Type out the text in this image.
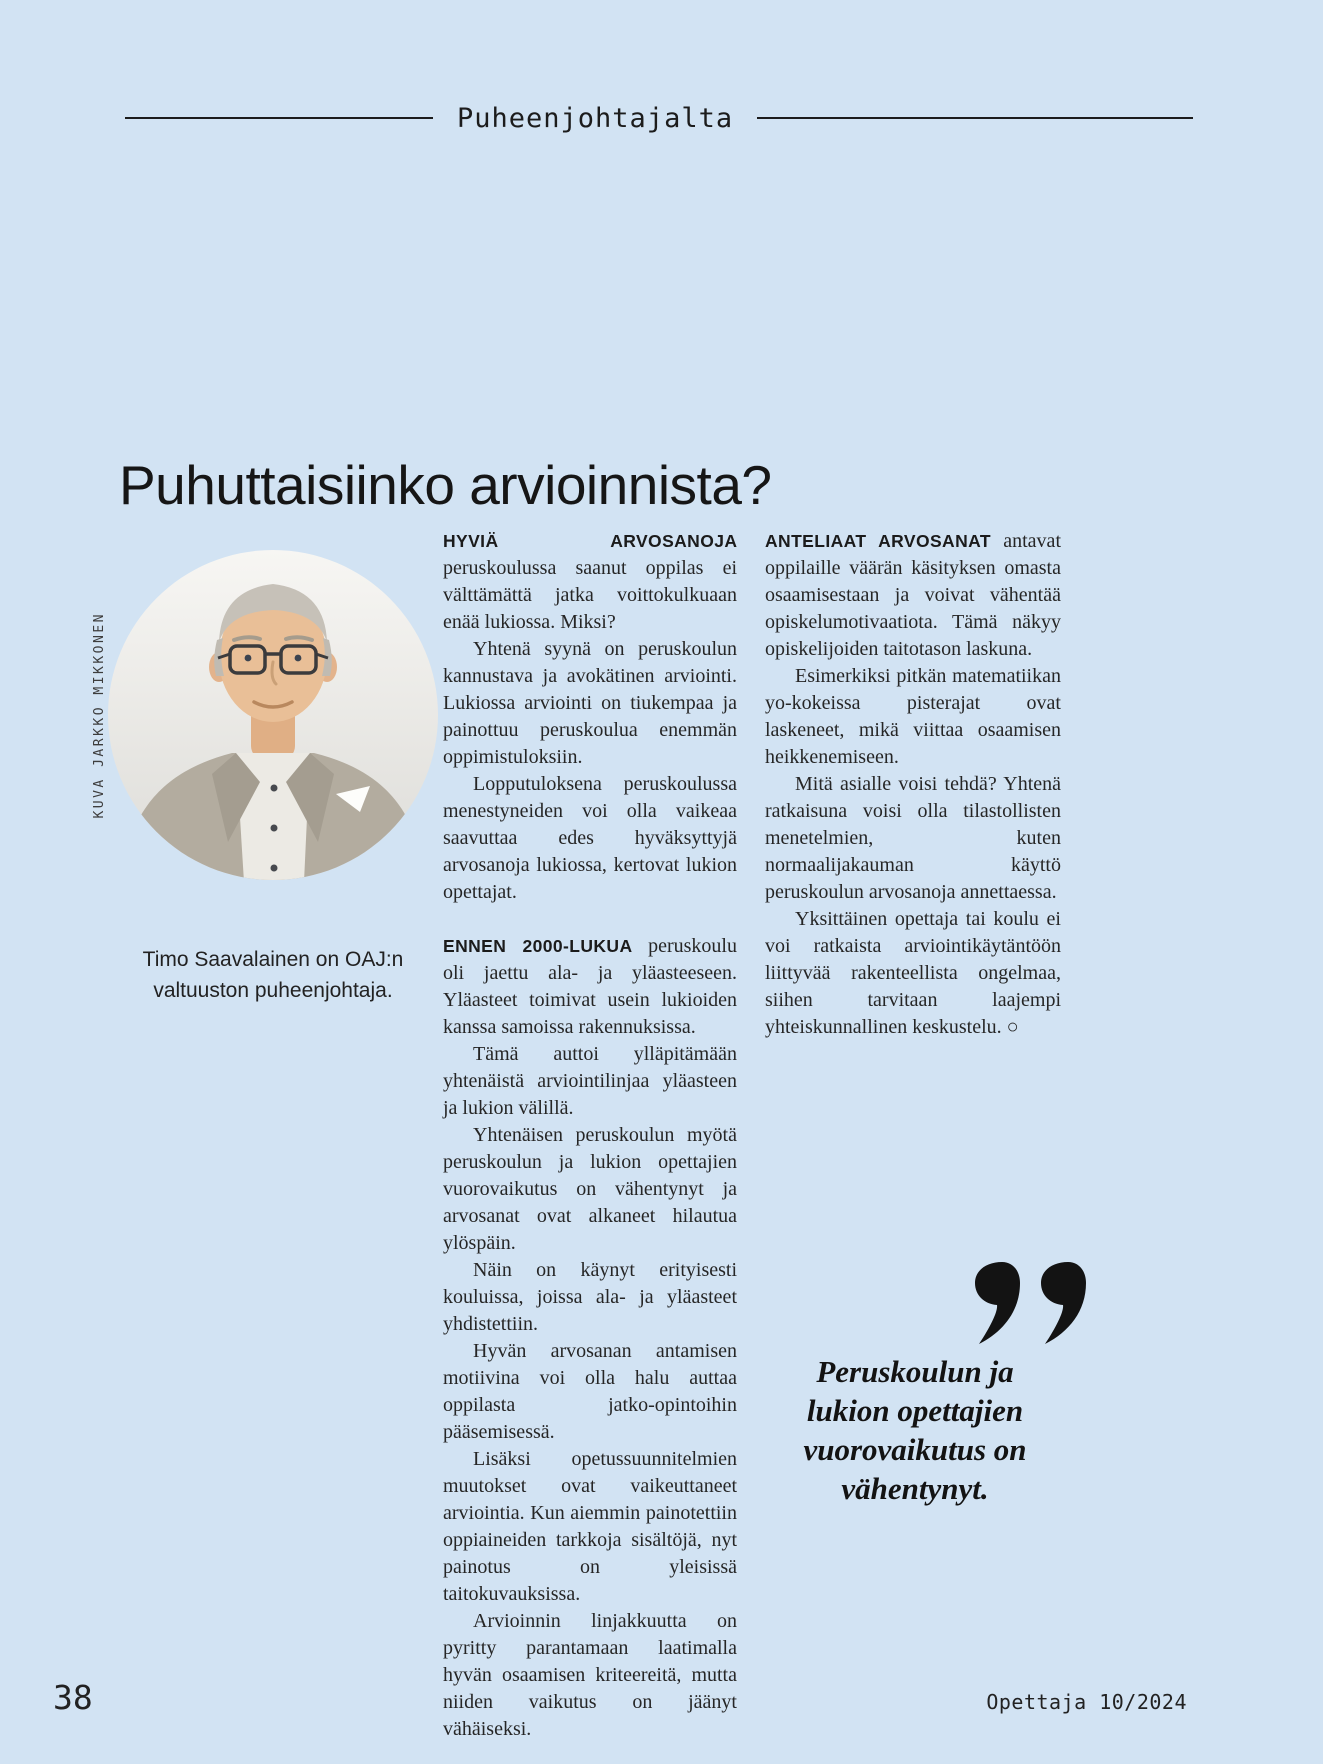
Puheenjohtajalta
Puhuttaisiinko arvioinnista?
KUVA JARKKO MIKKONEN
Timo Saavalainen on OAJ:n
valtuuston puheenjohtaja.

HYVIÄ ARVOSANOJA peruskoulussa saanut oppilas ei välttämättä jatka voittokulkuaan enää lukiossa. Miksi?

Yhtenä syynä on peruskoulun kannustava ja avokätinen arviointi. Lukiossa arviointi on tiukempaa ja painottuu peruskoulua enemmän oppimistuloksiin.

Lopputuloksena peruskoulussa menestyneiden voi olla vaikeaa saavuttaa edes hyväksyttyjä arvosanoja lukiossa, kertovat lukion opettajat.

ENNEN 2000-LUKUA peruskoulu oli jaettu ala- ja yläasteeseen. Yläasteet toimivat usein lukioiden kanssa samoissa rakennuksissa.

Tämä auttoi ylläpitämään yhtenäistä arviointilinjaa yläasteen ja lukion välillä.

Yhtenäisen peruskoulun myötä peruskoulun ja lukion opettajien vuorovaikutus on vähentynyt ja arvosanat ovat alkaneet hilautua ylöspäin.

Näin on käynyt erityisesti kouluissa, joissa ala- ja yläasteet yhdistettiin.

Hyvän arvosanan antamisen motiivina voi olla halu auttaa oppilasta jatko-opintoihin pääsemisessä.

Lisäksi opetussuunnitelmien muutokset ovat vaikeuttaneet arviointia. Kun aiemmin painotettiin oppiaineiden tarkkoja sisältöjä, nyt painotus on yleisissä taitokuvauksissa.

Arvioinnin linjakkuutta on pyritty parantamaan laatimalla hyvän osaamisen kriteereitä, mutta niiden vaikutus on jäänyt vähäiseksi.

ANTELIAAT ARVOSANAT antavat oppilaille väärän käsityksen omasta osaamisestaan ja voivat vähentää opiskelumotivaatiota. Tämä näkyy opiskelijoiden taitotason laskuna.

Esimerkiksi pitkän matematiikan yo-kokeissa pisterajat ovat laskeneet, mikä viittaa osaamisen heikkenemiseen.

Mitä asialle voisi tehdä? Yhtenä ratkaisuna voisi olla tilastollisten menetelmien, kuten normaalijakauman käyttö peruskoulun arvosanoja annettaessa.

Yksittäinen opettaja tai koulu ei voi ratkaista arviointikäytäntöön liittyvää rakenteellista ongelmaa, siihen tarvitaan laajempi yhteiskunnallinen keskustelu. ○

Peruskoulun ja
lukion opettajien
vuorovaikutus on
vähentynyt.
38	Opettaja 10/2024
